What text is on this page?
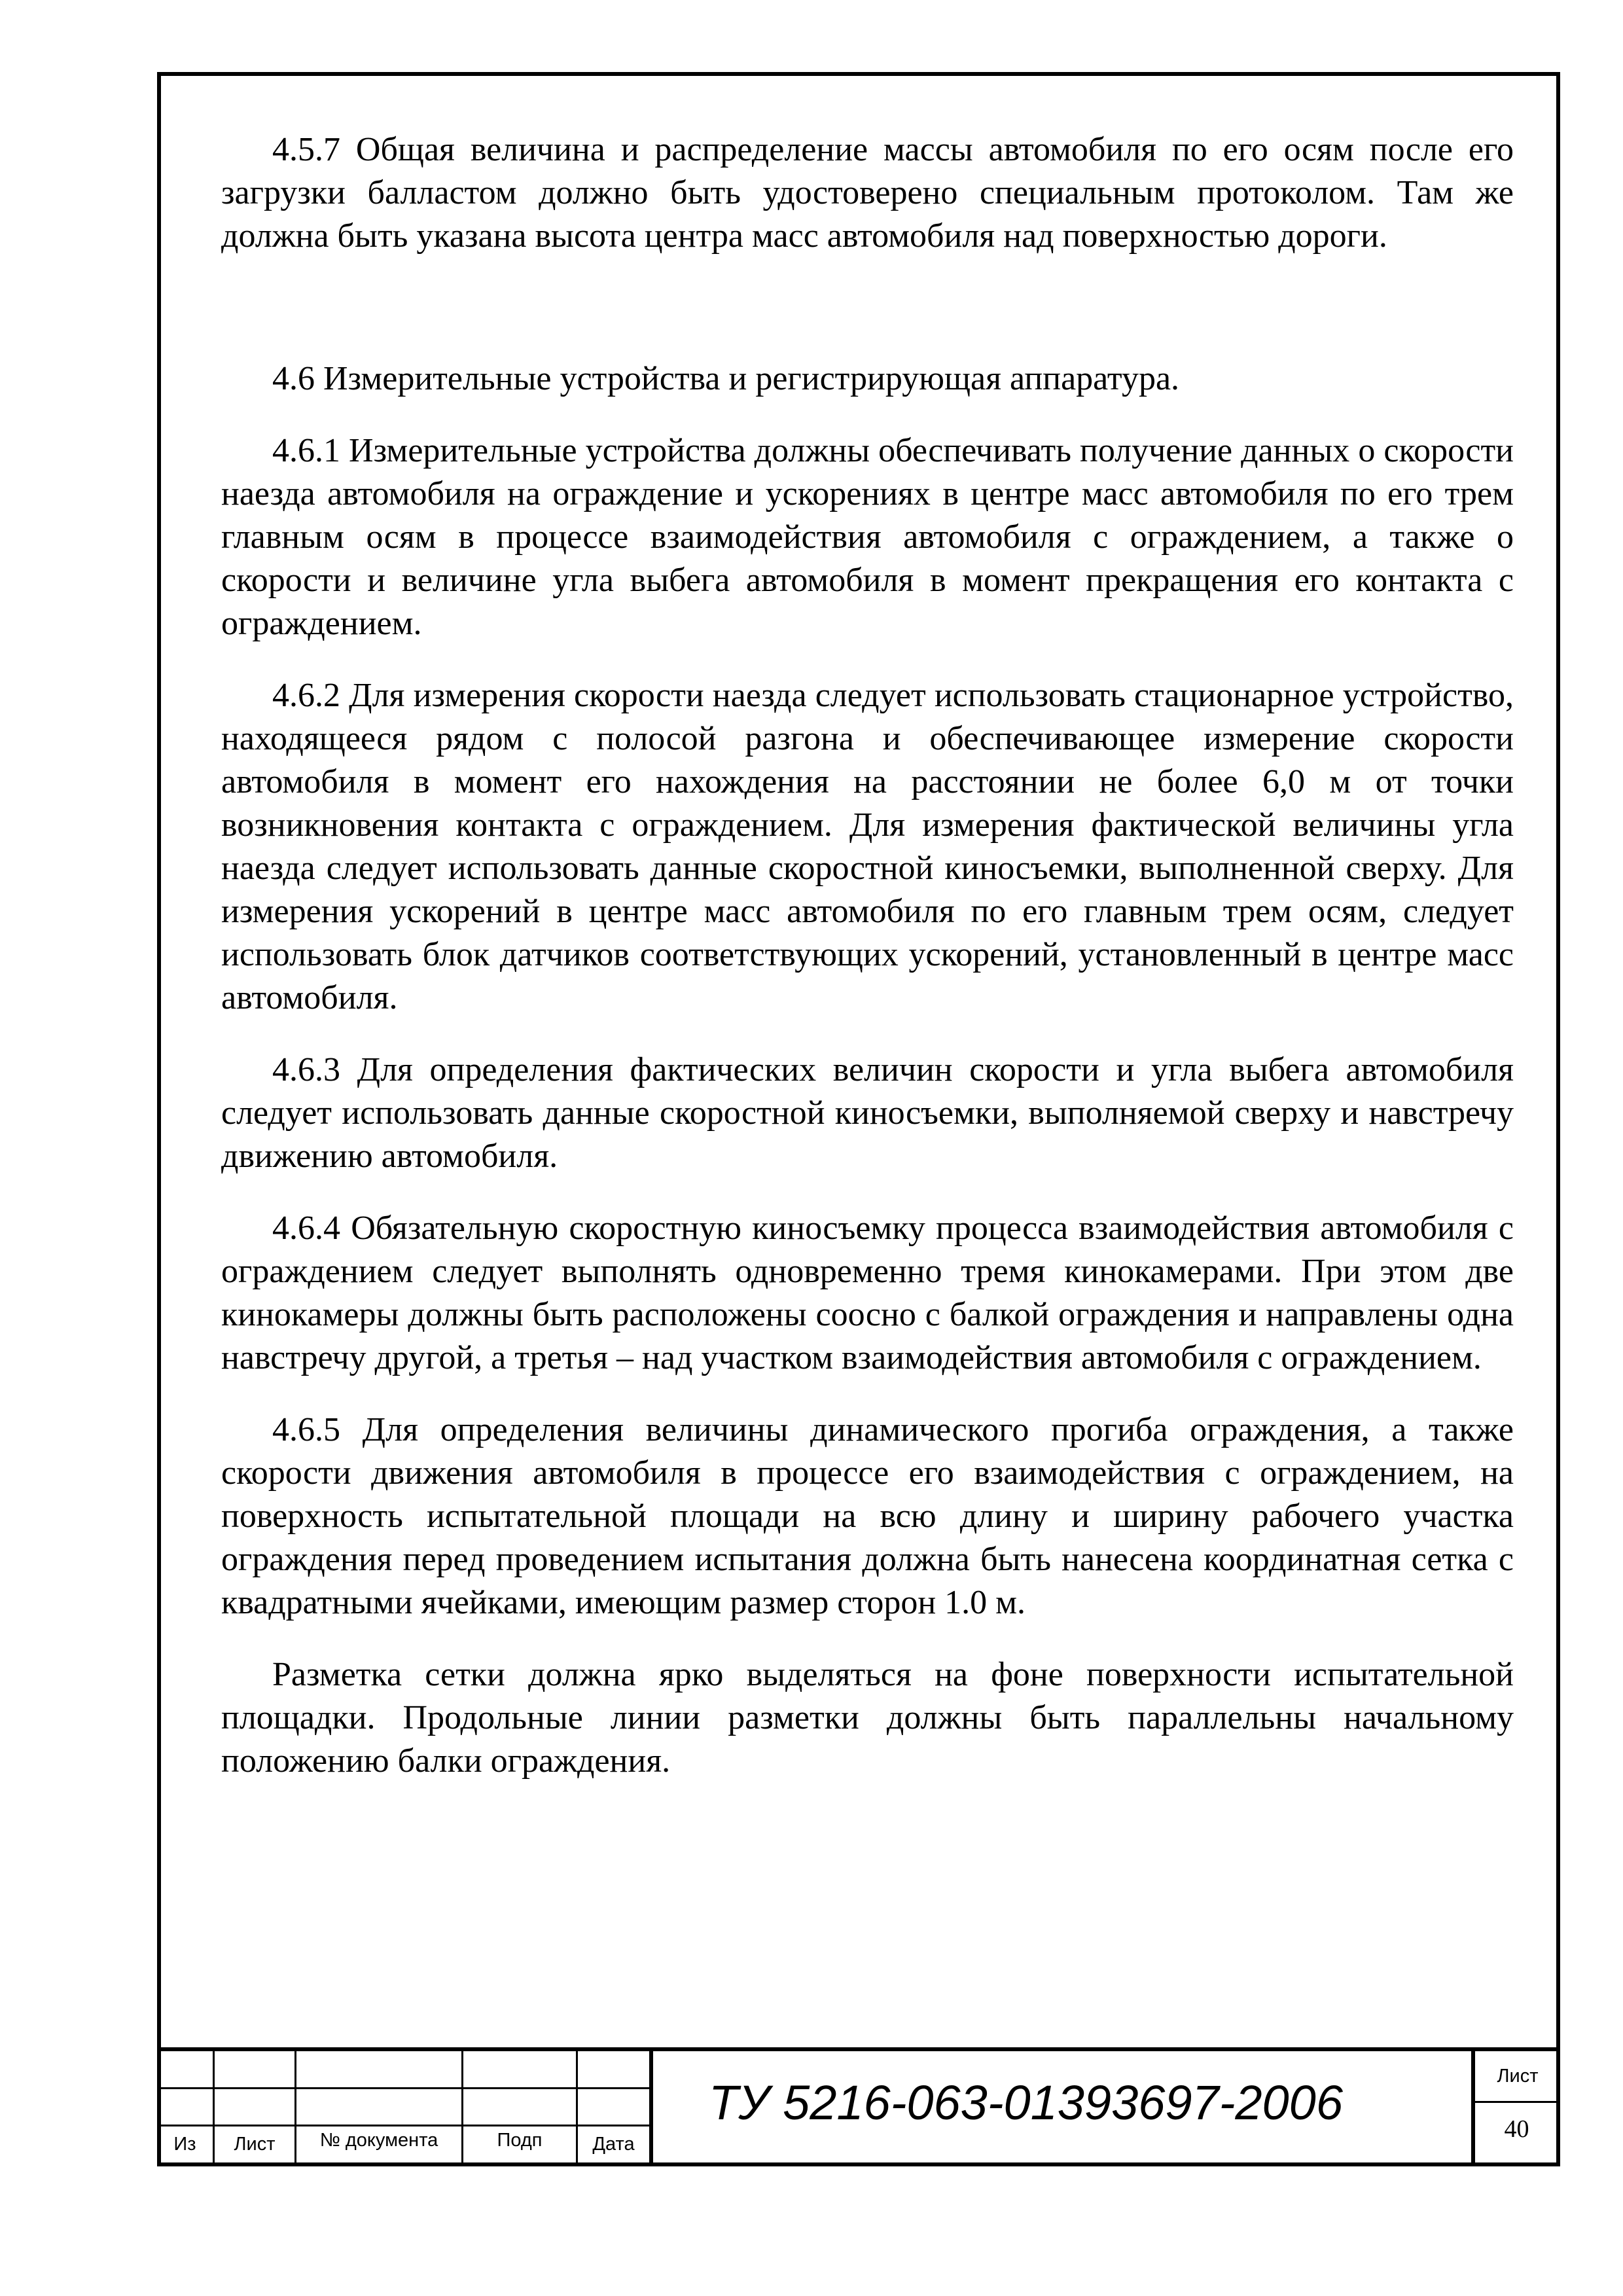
4.5.7 Общая величина и распределение массы автомобиля по его осям после его загрузки балластом должно быть удостоверено специальным протоколом. Там же должна быть указана высота центра масс автомобиля над поверхностью дороги.

4.6 Измерительные устройства и регистрирующая аппаратура.

4.6.1 Измерительные устройства должны обеспечивать получение данных о скорости наезда автомобиля на ограждение и ускорениях в центре масс автомобиля по его трем главным осям в процессе взаимодействия автомобиля с ограждением, а также о скорости и величине угла выбега автомобиля в момент прекращения его контакта с ограждением.

4.6.2 Для измерения скорости наезда следует использовать стационарное устройство, находящееся рядом с полосой разгона и обеспечивающее измерение скорости автомобиля в момент его нахождения на расстоянии не более 6,0 м от точки возникновения контакта с ограждением. Для измерения фактической величины угла наезда следует использовать данные скоростной киносъемки, выполненной сверху. Для измерения ускорений в центре масс автомобиля по его главным трем осям, следует использовать блок датчиков соответствующих ускорений, установленный в центре масс автомобиля.

4.6.3 Для определения фактических величин скорости и угла выбега автомобиля следует использовать данные скоростной киносъемки, выполняемой сверху и навстречу движению автомобиля.

4.6.4 Обязательную скоростную киносъемку процесса взаимодействия автомобиля с ограждением следует выполнять одновременно тремя кинокамерами. При этом две кинокамеры должны быть расположены соосно с балкой ограждения и направлены одна навстречу другой, а третья – над участком взаимодействия автомобиля с ограждением.

4.6.5 Для определения величины динамического прогиба ограждения, а также скорости движения автомобиля в процессе его взаимодействия с ограждением, на поверхность испытательной площади на всю длину и ширину рабочего участка ограждения перед проведением испытания должна быть нанесена координатная сетка с квадратными ячейками, имеющим размер сторон 1.0 м.

Разметка сетки должна ярко выделяться на фоне поверхности испытательной площадки. Продольные линии разметки должны быть параллельны начальному положению балки ограждения.

Из	Лист	№ документа	Подп	Дата
ТУ 5216-063-01393697-2006	Лист
40
